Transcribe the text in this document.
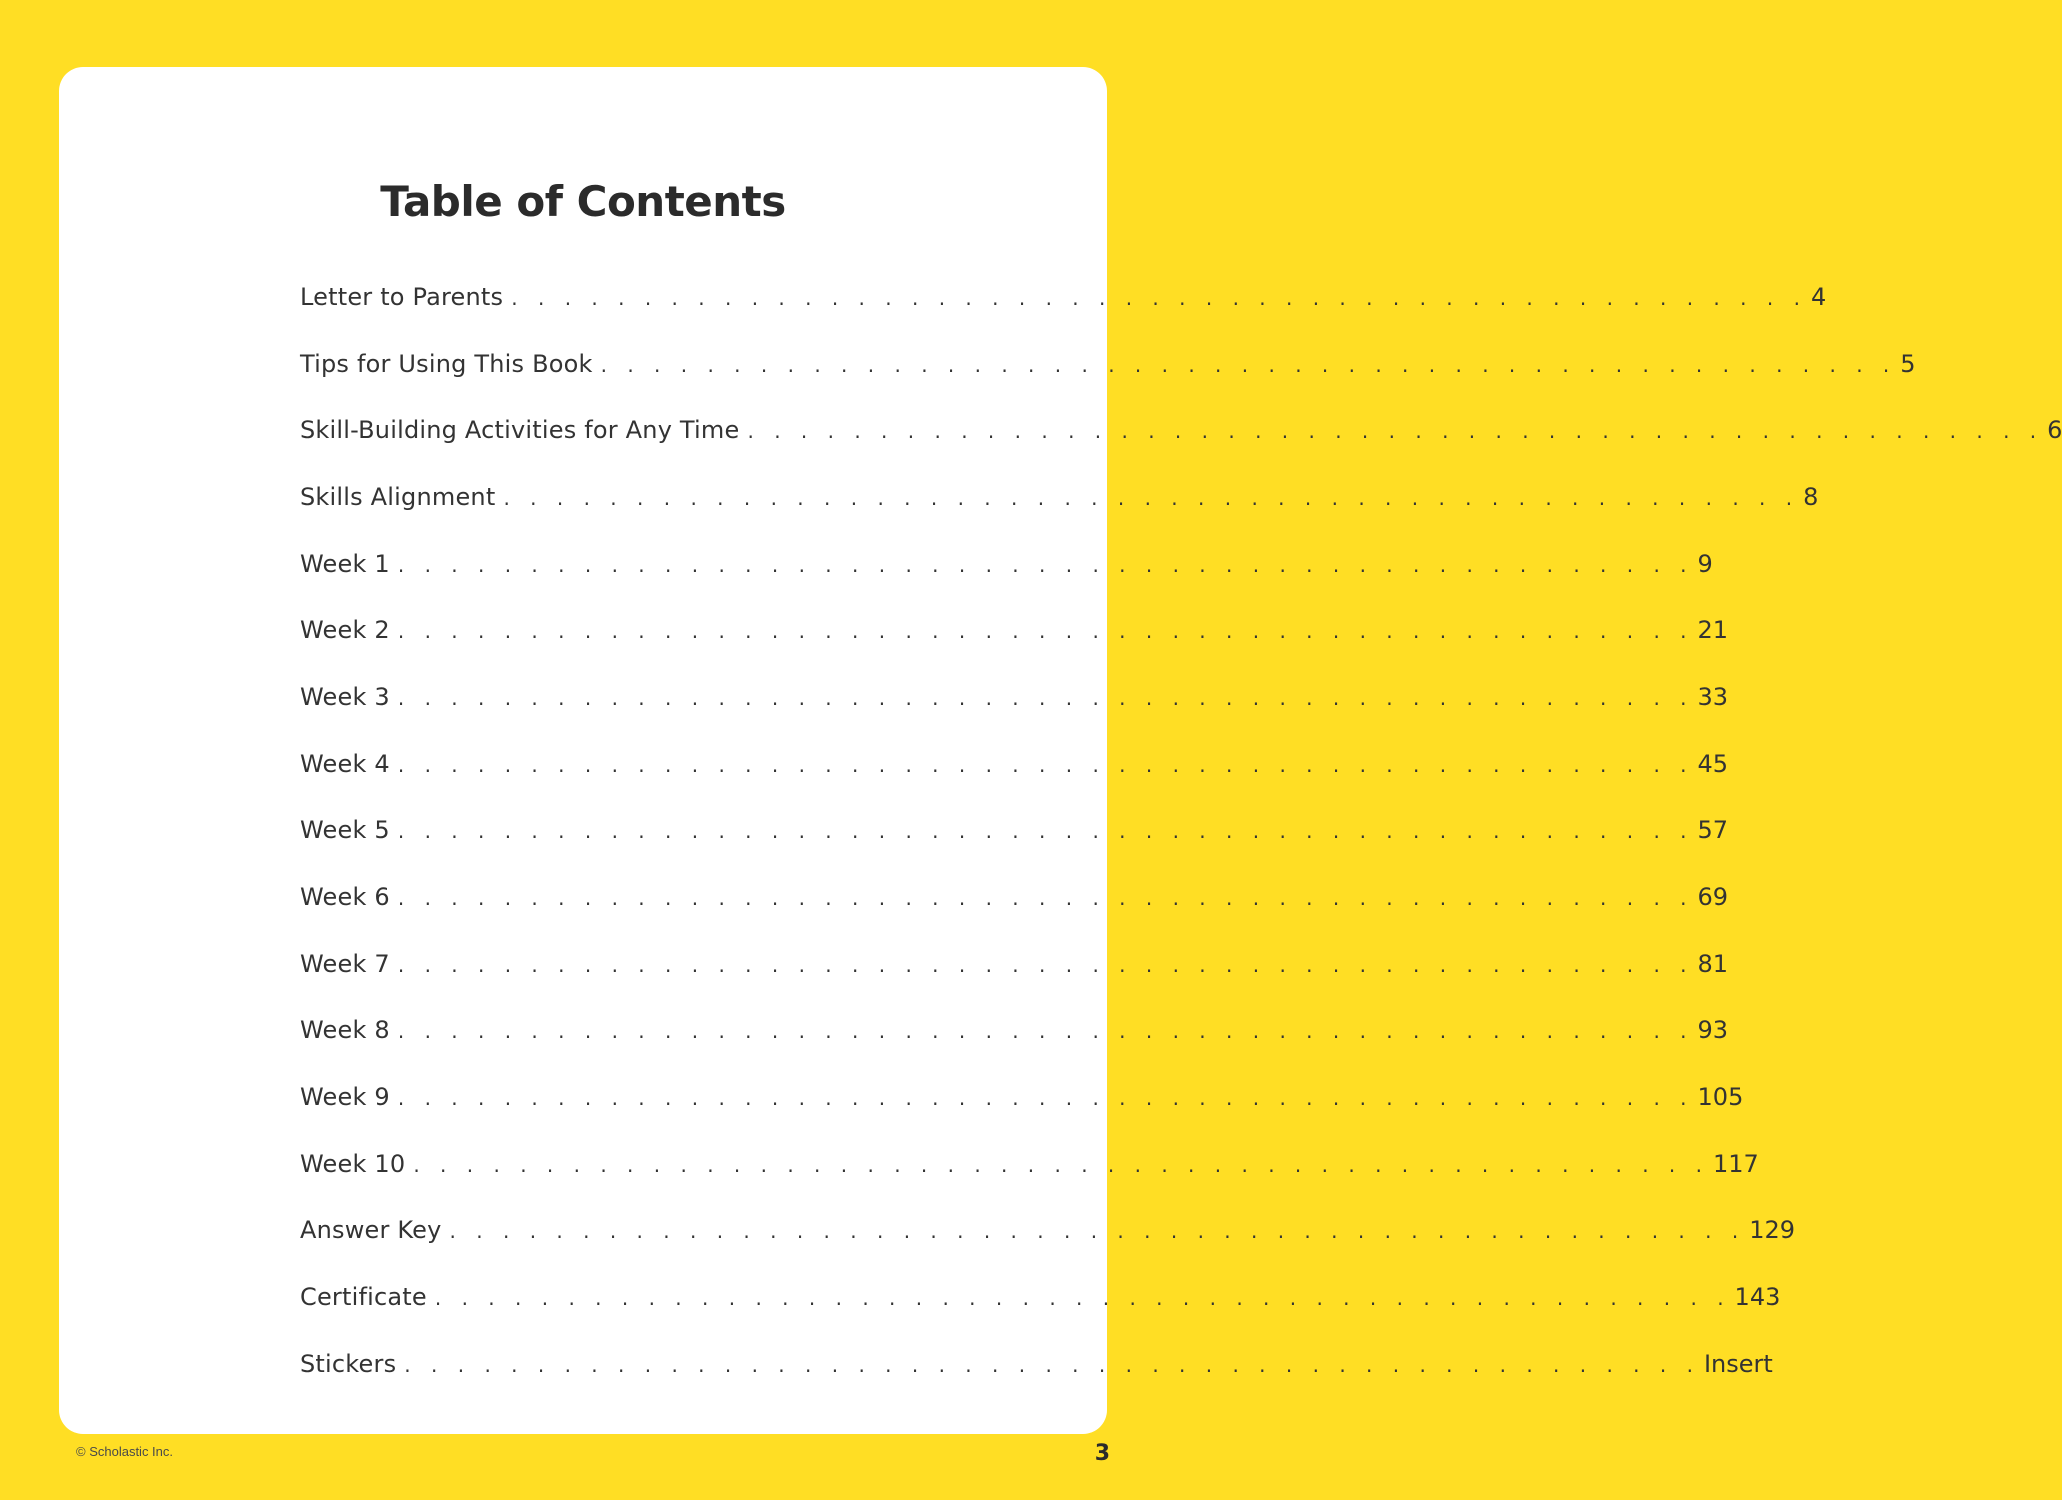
Table of Contents
Letter to Parents . . . . . . . . . . . . . . . . . . . . . . . . . . . . . . . . . . . . . . . . . . . . . . . . . 4
Tips for Using This Book . . . . . . . . . . . . . . . . . . . . . . . . . . . . . . . . . . . . . . . . . . . . . . . . . 5
Skill-Building Activities for Any Time . . . . . . . . . . . . . . . . . . . . . . . . . . . . . . . . . . . . . . . . . . . . . . . . . 6
Skills Alignment . . . . . . . . . . . . . . . . . . . . . . . . . . . . . . . . . . . . . . . . . . . . . . . . . 8
Week 1 . . . . . . . . . . . . . . . . . . . . . . . . . . . . . . . . . . . . . . . . . . . . . . . . . 9
Week 2 . . . . . . . . . . . . . . . . . . . . . . . . . . . . . . . . . . . . . . . . . . . . . . . . . 21
Week 3 . . . . . . . . . . . . . . . . . . . . . . . . . . . . . . . . . . . . . . . . . . . . . . . . . 33
Week 4 . . . . . . . . . . . . . . . . . . . . . . . . . . . . . . . . . . . . . . . . . . . . . . . . . 45
Week 5 . . . . . . . . . . . . . . . . . . . . . . . . . . . . . . . . . . . . . . . . . . . . . . . . . 57
Week 6 . . . . . . . . . . . . . . . . . . . . . . . . . . . . . . . . . . . . . . . . . . . . . . . . . 69
Week 7 . . . . . . . . . . . . . . . . . . . . . . . . . . . . . . . . . . . . . . . . . . . . . . . . . 81
Week 8 . . . . . . . . . . . . . . . . . . . . . . . . . . . . . . . . . . . . . . . . . . . . . . . . . 93
Week 9 . . . . . . . . . . . . . . . . . . . . . . . . . . . . . . . . . . . . . . . . . . . . . . . . . 105
Week 10 . . . . . . . . . . . . . . . . . . . . . . . . . . . . . . . . . . . . . . . . . . . . . . . . . 117
Answer Key . . . . . . . . . . . . . . . . . . . . . . . . . . . . . . . . . . . . . . . . . . . . . . . . . 129
Certificate . . . . . . . . . . . . . . . . . . . . . . . . . . . . . . . . . . . . . . . . . . . . . . . . . 143
Stickers . . . . . . . . . . . . . . . . . . . . . . . . . . . . . . . . . . . . . . . . . . . . . . . . . Insert
© Scholastic Inc.	3
